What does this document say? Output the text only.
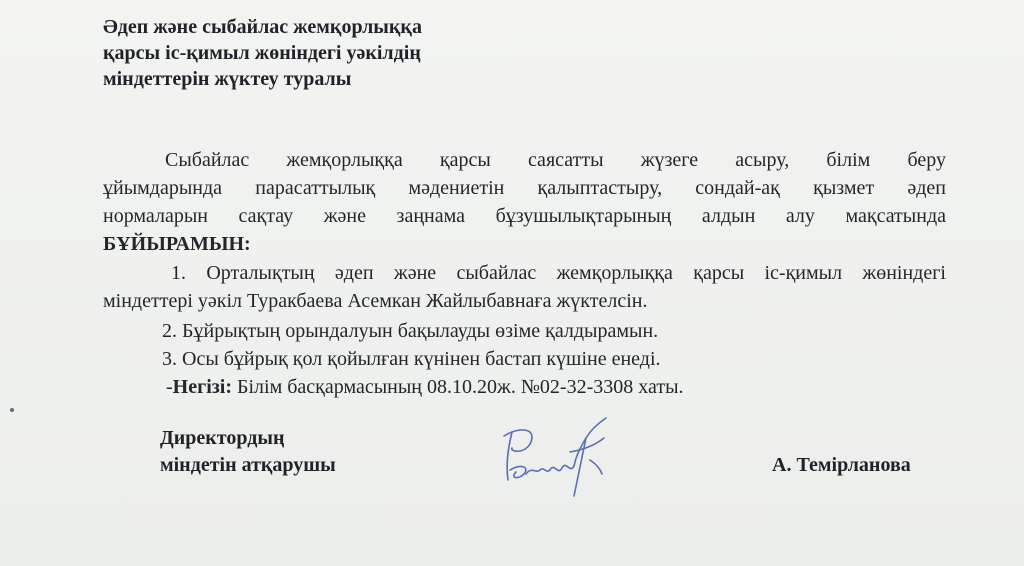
Әдеп және сыбайлас жемқорлыққа
қарсы іс-қимыл жөніндегі уәкілдің
міндеттерін жүктеу туралы
Сыбайлас жемқорлыққа қарсы саясатты жүзеге асыру, білім беру
ұйымдарында парасаттылық мәдениетін қалыптастыру, сондай-ақ қызмет әдеп
нормаларын сақтау және заңнама бұзушылықтарының алдын алу мақсатында
БҰЙЫРАМЫН:
1. Орталықтың әдеп және сыбайлас жемқорлыққа қарсы іс-қимыл жөніндегі
міндеттері уәкіл Туракбаева Асемкан Жайлыбавнаға жүктелсін.
2. Бұйрықтың орындалуын бақылауды өзіме қалдырамын.
3. Осы бұйрық қол қойылған күнінен бастап күшіне енеді.
-Негізі: Білім басқармасының 08.10.20ж. №02-32-3308 хаты.
Директордың
міндетін атқарушы	А. Темірланова
